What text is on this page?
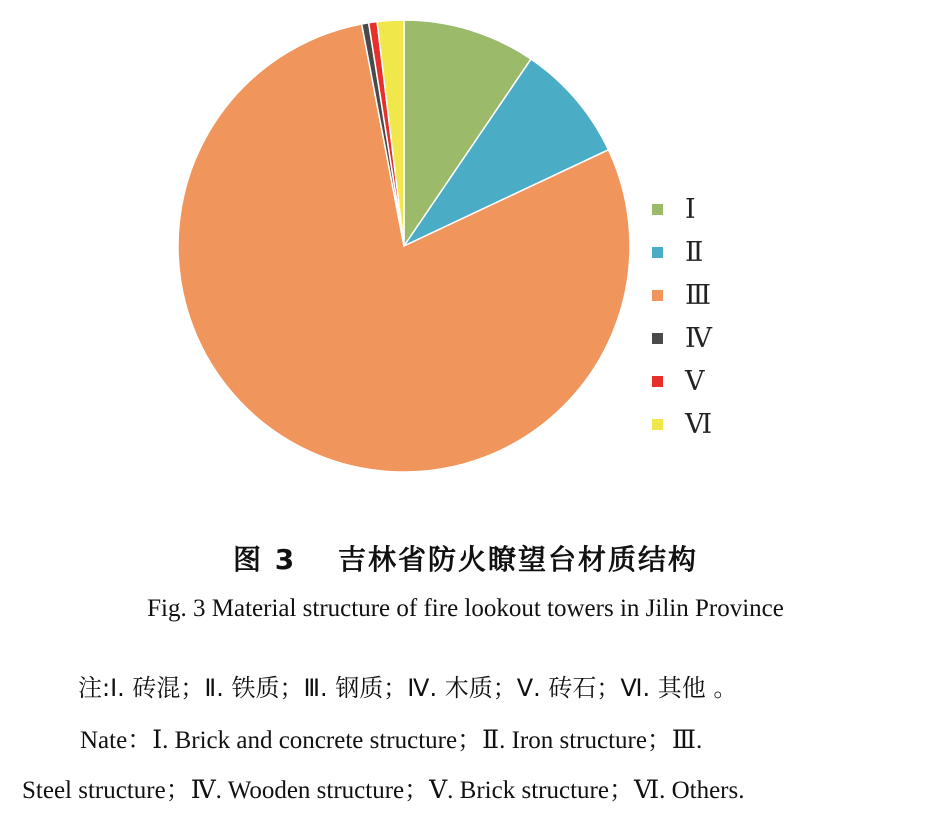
Ⅰ
Ⅱ
Ⅲ
Ⅳ
Ⅴ
Ⅵ
图 3　 吉林省防火瞭望台材质结构
Fig. 3 Material structure of fire lookout towers in Jilin Province
注:Ⅰ. 砖混；Ⅱ. 铁质；Ⅲ. 钢质；Ⅳ. 木质；Ⅴ. 砖石；Ⅵ. 其他 。
Nate：Ⅰ. Brick and concrete structure；Ⅱ. Iron structure；Ⅲ.
Steel structure；Ⅳ. Wooden structure；Ⅴ. Brick structure；Ⅵ. Others.
